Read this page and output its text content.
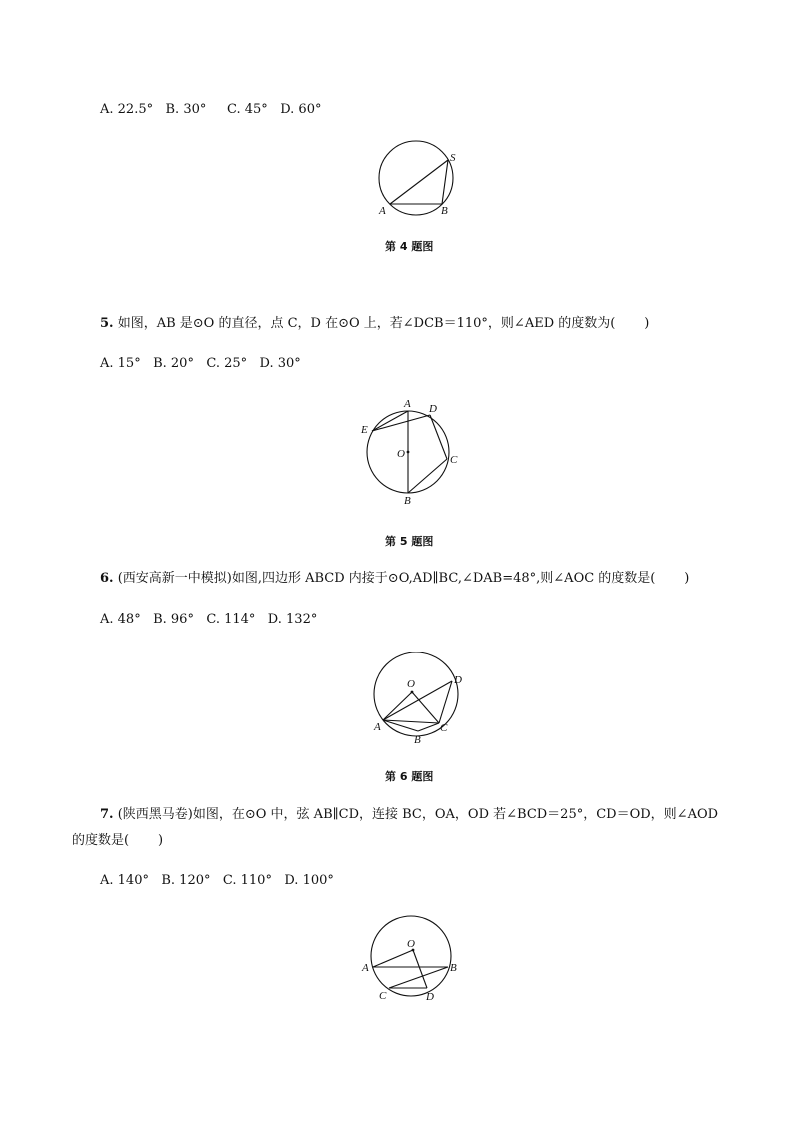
A. 22.5°   B. 30°     C. 45°   D. 60°
S
A	B
第 4 题图
5. 如图，AB 是⊙O 的直径，点 C，D 在⊙O 上，若∠DCB＝110°，则∠AED 的度数为(       )
A. 15°   B. 20°   C. 25°   D. 30°
A D
E
O	C
B
第 5 题图
6. (西安高新一中模拟)如图,四边形 ABCD 内接于⊙O,AD∥BC,∠DAB=48°,则∠AOC 的度数是(       )
A. 48°   B. 96°   C. 114°   D. 132°
O	D
A
B
C
第 6 题图
7. (陕西黑马卷)如图，在⊙O 中，弦 AB∥CD，连接 BC，OA，OD 若∠BCD＝25°，CD＝OD，则∠AOD
的度数是(       )
A. 140°   B. 120°   C. 110°   D. 100°
O
A	B
C	D
